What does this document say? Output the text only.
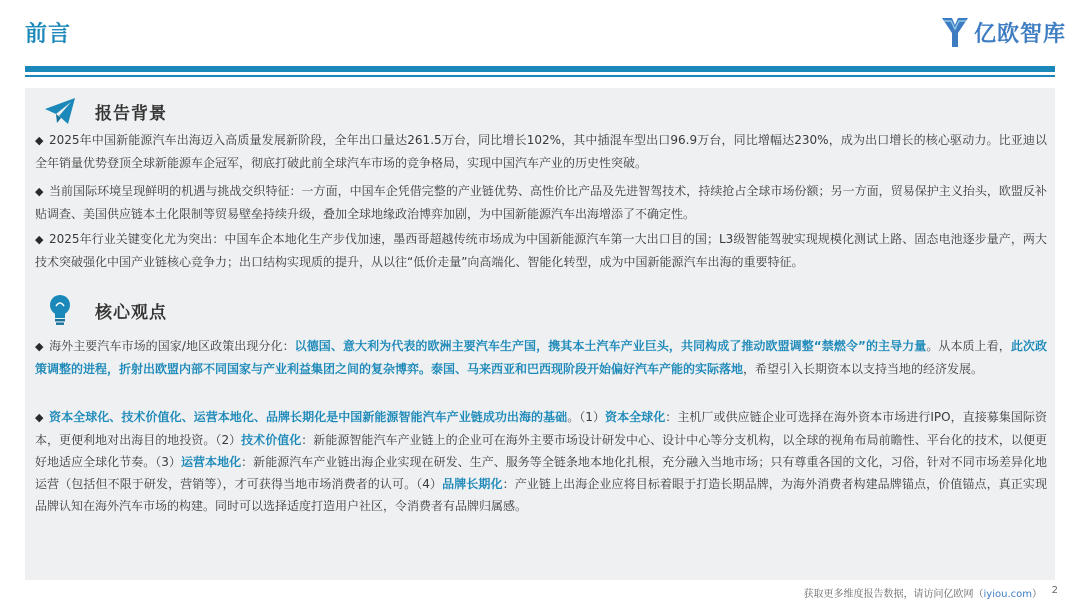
前言	亿欧智库
报告背景
◆ 2025年中国新能源汽车出海迈入高质量发展新阶段，全年出口量达261.5万台，同比增长102%，其中插混车型出口96.9万台，同比增幅达230%，成为出口增长的核心驱动力。比亚迪以全年销量优势登顶全球新能源车企冠军，彻底打破此前全球汽车市场的竞争格局，实现中国汽车产业的历史性突破。
◆ 当前国际环境呈现鲜明的机遇与挑战交织特征：一方面，中国车企凭借完整的产业链优势、高性价比产品及先进智驾技术，持续抢占全球市场份额；另一方面，贸易保护主义抬头，欧盟反补贴调查、美国供应链本土化限制等贸易壁垒持续升级，叠加全球地缘政治博弈加剧，为中国新能源汽车出海增添了不确定性。
◆ 2025年行业关键变化尤为突出：中国车企本地化生产步伐加速，墨西哥超越传统市场成为中国新能源汽车第一大出口目的国；L3级智能驾驶实现规模化测试上路、固态电池逐步量产，两大技术突破强化中国产业链核心竞争力；出口结构实现质的提升，从以往“低价走量”向高端化、智能化转型，成为中国新能源汽车出海的重要特征。
核心观点
◆ 海外主要汽车市场的国家/地区政策出现分化：以德国、意大利为代表的欧洲主要汽车生产国，携其本土汽车产业巨头，共同构成了推动欧盟调整“禁燃令”的主导力量。从本质上看，此次政策调整的进程，折射出欧盟内部不同国家与产业利益集团之间的复杂博弈。泰国、马来西亚和巴西现阶段开始偏好汽车产能的实际落地，希望引入长期资本以支持当地的经济发展。
◆ 资本全球化、技术价值化、运营本地化、品牌长期化是中国新能源智能汽车产业链成功出海的基础。（1）资本全球化：主机厂或供应链企业可选择在海外资本市场进行IPO，直接募集国际资本，更便利地对出海目的地投资。（2）技术价值化：新能源智能汽车产业链上的企业可在海外主要市场设计研发中心、设计中心等分支机构，以全球的视角布局前瞻性、平台化的技术，以便更好地适应全球化节奏。（3）运营本地化：新能源汽车产业链出海企业实现在研发、生产、服务等全链条地本地化扎根，充分融入当地市场；只有尊重各国的文化，习俗，针对不同市场差异化地运营（包括但不限于研发，营销等），才可获得当地市场消费者的认可。（4）品牌长期化：产业链上出海企业应将目标着眼于打造长期品牌，为海外消费者构建品牌锚点，价值锚点，真正实现品牌认知在海外汽车市场的构建。同时可以选择适度打造用户社区，令消费者有品牌归属感。
获取更多维度报告数据，请访问亿欧网（iyiou.com） 2
